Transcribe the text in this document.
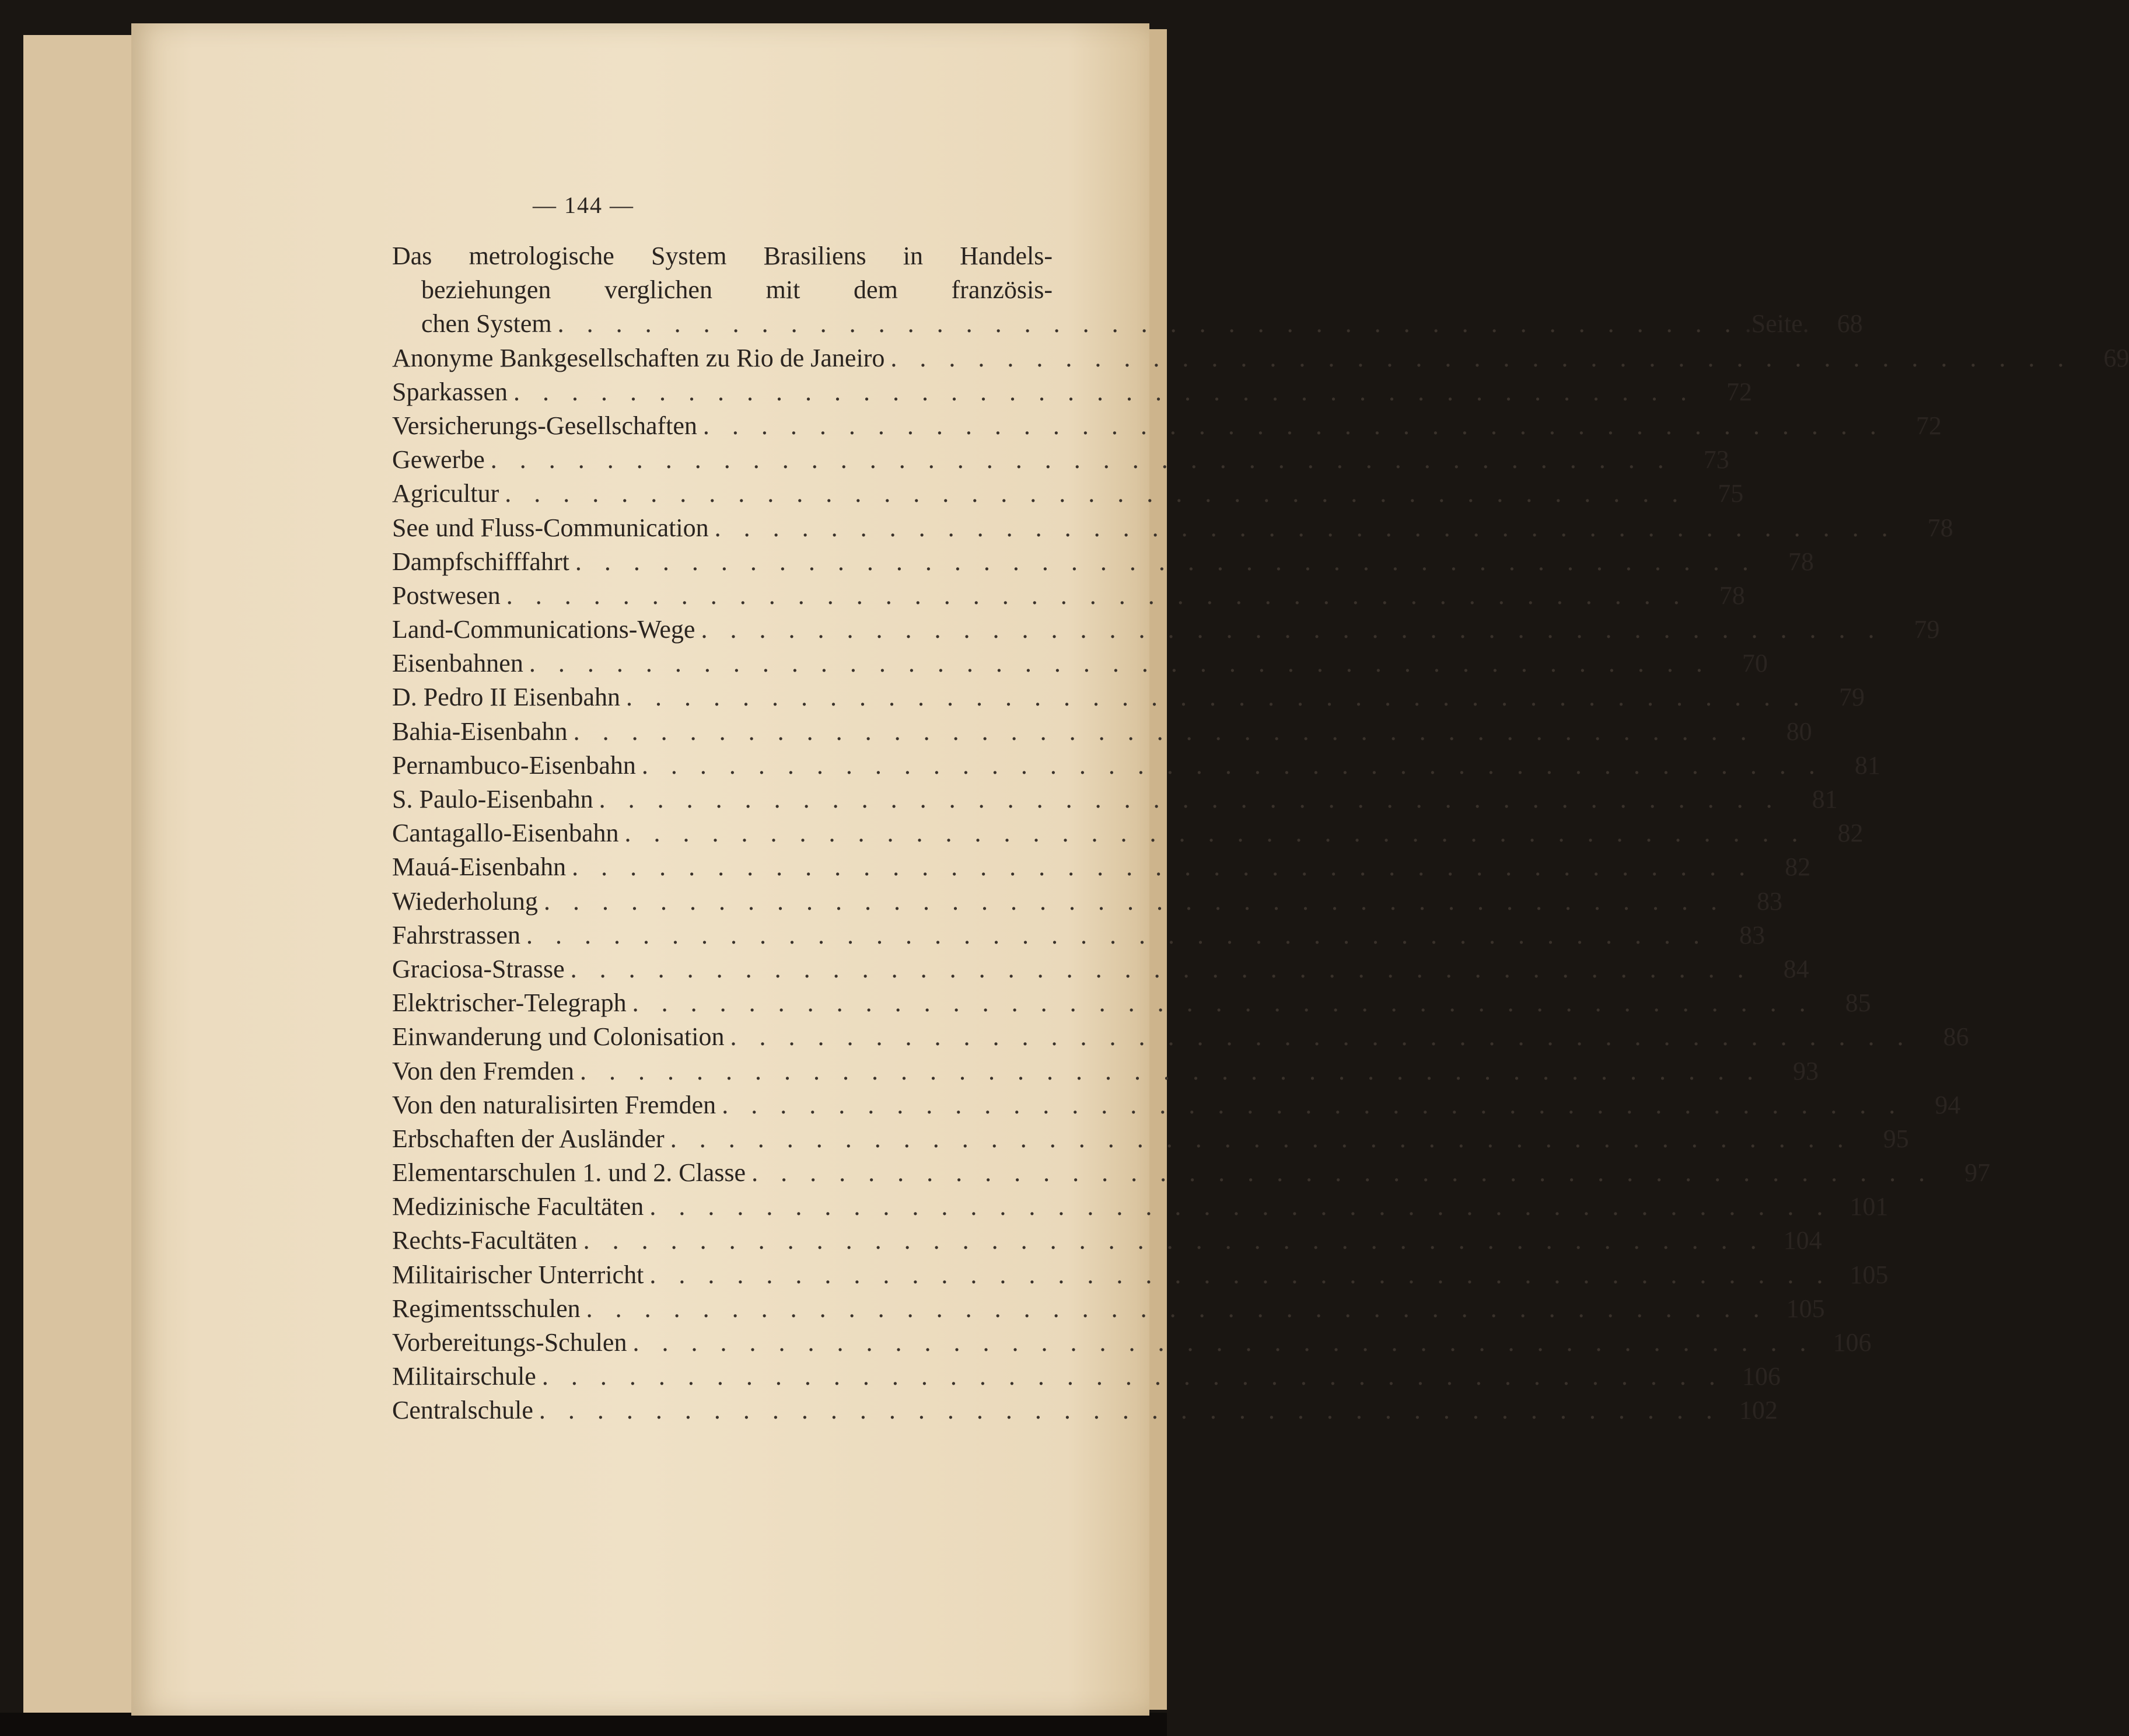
— 144 —
Das metrologische System Brasiliens in Handels-
beziehungen verglichen mit dem französis-
chen System . . . . . . . . . . . . . . . . . . . . . . . . . . . . . . . . . . . . . . . . . .Seite.	68
Anonyme Bankgesellschaften zu Rio de Janeiro . . . . . . . . . . . . . . . . . . . . . . . . . . . . . . . . . . . . . . . . .	69
Sparkassen . . . . . . . . . . . . . . . . . . . . . . . . . . . . . . . . . . . . . . . . .	72
Versicherungs-Gesellschaften . . . . . . . . . . . . . . . . . . . . . . . . . . . . . . . . . . . . . . . . .	72
Gewerbe . . . . . . . . . . . . . . . . . . . . . . . . . . . . . . . . . . . . . . . . .	73
Agricultur . . . . . . . . . . . . . . . . . . . . . . . . . . . . . . . . . . . . . . . . .	75
See und Fluss-Communication . . . . . . . . . . . . . . . . . . . . . . . . . . . . . . . . . . . . . . . . .	78
Dampfschifffahrt . . . . . . . . . . . . . . . . . . . . . . . . . . . . . . . . . . . . . . . . .	78
Postwesen . . . . . . . . . . . . . . . . . . . . . . . . . . . . . . . . . . . . . . . . .	78
Land-Communications-Wege . . . . . . . . . . . . . . . . . . . . . . . . . . . . . . . . . . . . . . . . .	79
Eisenbahnen . . . . . . . . . . . . . . . . . . . . . . . . . . . . . . . . . . . . . . . . .	70
D. Pedro II Eisenbahn . . . . . . . . . . . . . . . . . . . . . . . . . . . . . . . . . . . . . . . . .	79
Bahia-Eisenbahn . . . . . . . . . . . . . . . . . . . . . . . . . . . . . . . . . . . . . . . . .	80
Pernambuco-Eisenbahn . . . . . . . . . . . . . . . . . . . . . . . . . . . . . . . . . . . . . . . . .	81
S. Paulo-Eisenbahn . . . . . . . . . . . . . . . . . . . . . . . . . . . . . . . . . . . . . . . . .	81
Cantagallo-Eisenbahn . . . . . . . . . . . . . . . . . . . . . . . . . . . . . . . . . . . . . . . . .	82
Mauá-Eisenbahn . . . . . . . . . . . . . . . . . . . . . . . . . . . . . . . . . . . . . . . . .	82
Wiederholung . . . . . . . . . . . . . . . . . . . . . . . . . . . . . . . . . . . . . . . . .	83
Fahrstrassen . . . . . . . . . . . . . . . . . . . . . . . . . . . . . . . . . . . . . . . . .	83
Graciosa-Strasse . . . . . . . . . . . . . . . . . . . . . . . . . . . . . . . . . . . . . . . . .	84
Elektrischer-Telegraph . . . . . . . . . . . . . . . . . . . . . . . . . . . . . . . . . . . . . . . . .	85
Einwanderung und Colonisation . . . . . . . . . . . . . . . . . . . . . . . . . . . . . . . . . . . . . . . . .	86
Von den Fremden . . . . . . . . . . . . . . . . . . . . . . . . . . . . . . . . . . . . . . . . .	93
Von den naturalisirten Fremden . . . . . . . . . . . . . . . . . . . . . . . . . . . . . . . . . . . . . . . . .	94
Erbschaften der Ausländer . . . . . . . . . . . . . . . . . . . . . . . . . . . . . . . . . . . . . . . . .	95
Elementarschulen 1. und 2. Classe . . . . . . . . . . . . . . . . . . . . . . . . . . . . . . . . . . . . . . . . .	97
Medizinische Facultäten . . . . . . . . . . . . . . . . . . . . . . . . . . . . . . . . . . . . . . . . . 101
Rechts-Facultäten . . . . . . . . . . . . . . . . . . . . . . . . . . . . . . . . . . . . . . . . . 104
Militairischer Unterricht . . . . . . . . . . . . . . . . . . . . . . . . . . . . . . . . . . . . . . . . . 105
Regimentsschulen . . . . . . . . . . . . . . . . . . . . . . . . . . . . . . . . . . . . . . . . . 105
Vorbereitungs-Schulen . . . . . . . . . . . . . . . . . . . . . . . . . . . . . . . . . . . . . . . . . 106
Militairschule . . . . . . . . . . . . . . . . . . . . . . . . . . . . . . . . . . . . . . . . . 106
Centralschule . . . . . . . . . . . . . . . . . . . . . . . . . . . . . . . . . . . . . . . . . 102
